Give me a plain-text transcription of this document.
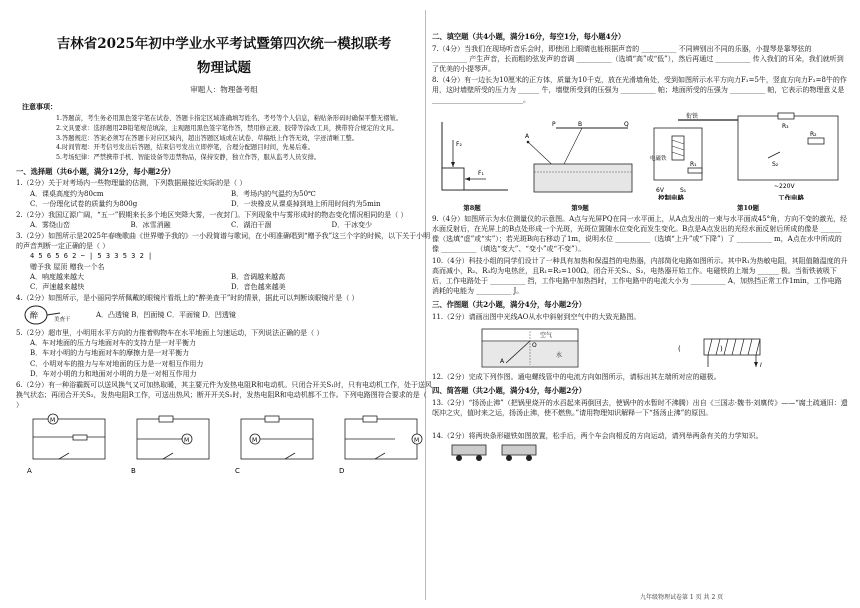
吉林省2025年初中学业水平考试暨第四次统一模拟联考
物理试题
审题人：物理备考组
注意事项：
1.答题前，考生务必用黑色签字笔在试卷、答题卡指定区域准确填写姓名、考号等个人信息，粘贴条形码时确保平整无褶皱。
2.文具要求：选择题用2B铅笔规范填涂，主观题用黑色签字笔作答，禁用修正液、胶带等涂改工具，携带符合规定的文具。
3.答题规范：答案必须写在答题卡对应区域内，超出答题区域或在试卷、草稿纸上作答无效，字迹清晰工整。
4.时间管理：开考信号发出后答题，结束信号发出立即停笔，合理分配题目时间，先易后难。
5.考场纪律：严禁携带手机、智能设备等违禁物品，保持安静，独立作答，服从监考人员安排。
一、选择题（共6小题，满分12分，每小题2分）
1.（2分）关于对考场内一些物理量的估测，下列数据最接近实际的是（ ）
A．课桌高度约为80cm	B．考场内的气温约为50℃
C．一份理化试卷的质量约为800g	D．一块橡皮从课桌掉到地上所用时间约为5min
2.（2分）我国辽源广阔，“五一”假期来长多个地区突降大雾，一夜封门。下列现象中与雾形成时的物态变化情况相同的是（ ）
A．雾绕山峦	B．冰雪消融	C．湖泊干涸	D．干冰变少
3.（2分）如图所示是2025年春晚歌曲《世界赠予我的》一小段简谱与歌词，在小明准确唱到“赠予我”这三个字的时候，以下关于小明的声音判断一定正确的是（ ）
4 5 6 5 6 2 ~ | 5 3 3 5 3 2 |
赠予我 屋顶 赠我一个名
A．响度越来越大	B．音调越来越高
C．声速越来越快	D．音色越来越美
4.（2分）如图所示，是小丽同学所佩戴的眼镜片看纸上的“醉美查干”时的情景，据此可以判断该眼镜片是（ ）
醉	美查干
A．凸透镜 B．凹面镜 C．平面镜 D．凹透镜
5.（2分）超市里，小明用水平方向的力推着购物车在水平地面上匀速运动，下列说法正确的是（ ）
A．车对地面的压力与地面对车的支持力是一对平衡力
B．车对小明的力与地面对车的摩擦力是一对平衡力
C．小明对车的推力与车对地面的压力是一对相互作用力
D．车对小明的力和地面对小明的力是一对相互作用力
6.（2分）有一种浴霸既可以送风换气又可加热取暖，其主要元件为发热电阻R和电动机。只闭合开关S₁时，只有电动机工作，处于送风换气状态；再闭合开关S₂，发热电阻R工作，可送出热风；断开开关S₁时，发热电阻R和电动机都不工作。下列电路图符合要求的是（ ）
M
A
M
B
M
C
M
D
二、填空题（共4小题，满分16分，每空1分，每小题4分）
7.（4分）当我们在现场听音乐会时，即使闭上眼睛也能根据声音的 __________ 不同辨别出不同的乐器，小提琴是靠琴弦的 __________ 产生声音，长而粗的弦发声的音调 __________（选填“高”或“低”），然后再通过 __________ 传入我们的耳朵，我们就听到了优美的小提琴声。
8.（4分）有一边长为10厘米的正方体，质量为10千克，放在光滑墙角处，受到如图所示水平方向力F₁=5牛，竖直方向力F₂=8牛的作用，这时墙壁所受的压力为 ______ 牛，墙壁所受到的压强为 __________ 帕；地面所受的压强为 __________ 帕，它表示的物理意义是 __________________________。
F₂
F₁
第8题
A
P	B	Q
第9题
衔铁
电磁铁
R₁
6V	S₁
R₃
R₂
S₂
~220V
控制电路	工作电路
第10题
9.（4分）如图所示为水位测量仪的示意图。A点与光屏PQ在同一水平面上，从A点发出的一束与水平面成45°角，方向不变的激光，经水面反射后，在光屏上的B点处形成一个光斑，光斑位置随水位变化而发生变化。B点是A点发出的光经水面反射后所成的像是 ______ 像（选填“虚”或“实”）；若光斑B向右移动了1m，说明水位 __________（选填“上升”或“下降”）了 __________ m，A点在水中所成的像 __________（填选“变大”、“变小”或“不变”）。
10.（4分）科技小组的同学们设计了一种具有加热和保温挡的电热器，内部简化电路如图所示。其中R₁为热敏电阻，其阻值随温度的升高而减小，R₂、R₃均为电热丝，且R₁=R₂=100Ω。闭合开关S₁、S₂，电热器开始工作。电磁铁的上端为 ______ 极。当衔铁被吸下后，工作电路处于 __________ 挡，工作电路中加热挡时，工作电路中的电流大小为 __________ A，加热挡正常工作1min，工作电路消耗的电能为 __________ J。
三、作图题（共2小题，满分4分，每小题2分）
11.（2分）请画出图中光线AO从水中斜射到空气中的大致光路图。
空气
水
O
A
(	)
I
12.（2分）完成下列作图。通电螺线管中的电流方向如图所示，请标出其左端所对应的磁极。
四、简答题（共2小题，满分4分，每小题2分）
13.（2分）“扬汤止沸”（把锅里烧开的水舀起来再倒回去，使锅中的水暂时不沸腾）出自《三国志·魏书·刘廙传》——“腐土疏通旧：遗氓冲之灾，值时来之运，扬汤止沸，使不燃焦。”请用物理知识解释一下“扬汤止沸”的原因。
14.（2分）将两块条形磁铁如图放置，松手后，两个车会向相反的方向运动，请列举两条有关的力学知识。
九年级物理试卷第 1 页 共 2 页
